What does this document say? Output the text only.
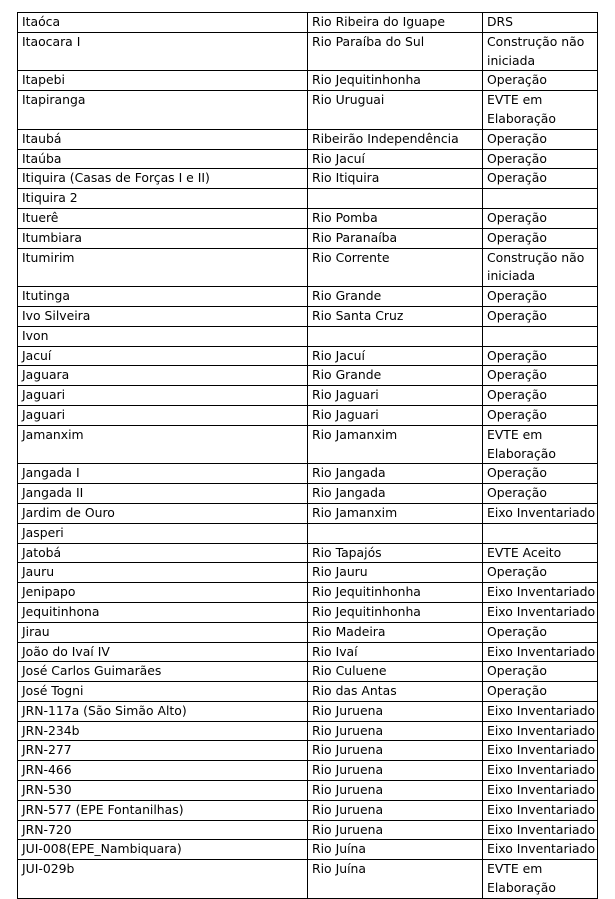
Itaóca	Rio Ribeira do Iguape	DRS
Itaocara I	Rio Paraíba do Sul	Construção não iniciada
Itapebi	Rio Jequitinhonha	Operação
Itapiranga	Rio Uruguai	EVTE em Elaboração
Itaubá	Ribeirão Independência	Operação
Itaúba	Rio Jacuí	Operação
Itiquira (Casas de Forças I e II)	Rio Itiquira	Operação
Itiquira 2		
Ituerê	Rio Pomba	Operação
Itumbiara	Rio Paranaíba	Operação
Itumirim	Rio Corrente	Construção não iniciada
Itutinga	Rio Grande	Operação
Ivo Silveira	Rio Santa Cruz	Operação
Ivon		
Jacuí	Rio Jacuí	Operação
Jaguara	Rio Grande	Operação
Jaguari	Rio Jaguari	Operação
Jaguari	Rio Jaguari	Operação
Jamanxim	Rio Jamanxim	EVTE em Elaboração
Jangada I	Rio Jangada	Operação
Jangada II	Rio Jangada	Operação
Jardim de Ouro	Rio Jamanxim	Eixo Inventariado
Jasperi		
Jatobá	Rio Tapajós	EVTE Aceito
Jauru	Rio Jauru	Operação
Jenipapo	Rio Jequitinhonha	Eixo Inventariado
Jequitinhona	Rio Jequitinhonha	Eixo Inventariado
Jirau	Rio Madeira	Operação
João do Ivaí IV	Rio Ivaí	Eixo Inventariado
José Carlos Guimarães	Rio Culuene	Operação
José Togni	Rio das Antas	Operação
JRN-117a (São Simão Alto)	Rio Juruena	Eixo Inventariado
JRN-234b	Rio Juruena	Eixo Inventariado
JRN-277	Rio Juruena	Eixo Inventariado
JRN-466	Rio Juruena	Eixo Inventariado
JRN-530	Rio Juruena	Eixo Inventariado
JRN-577 (EPE Fontanilhas)	Rio Juruena	Eixo Inventariado
JRN-720	Rio Juruena	Eixo Inventariado
JUI-008(EPE_Nambiquara)	Rio Juína	Eixo Inventariado
JUI-029b	Rio Juína	EVTE em Elaboração
